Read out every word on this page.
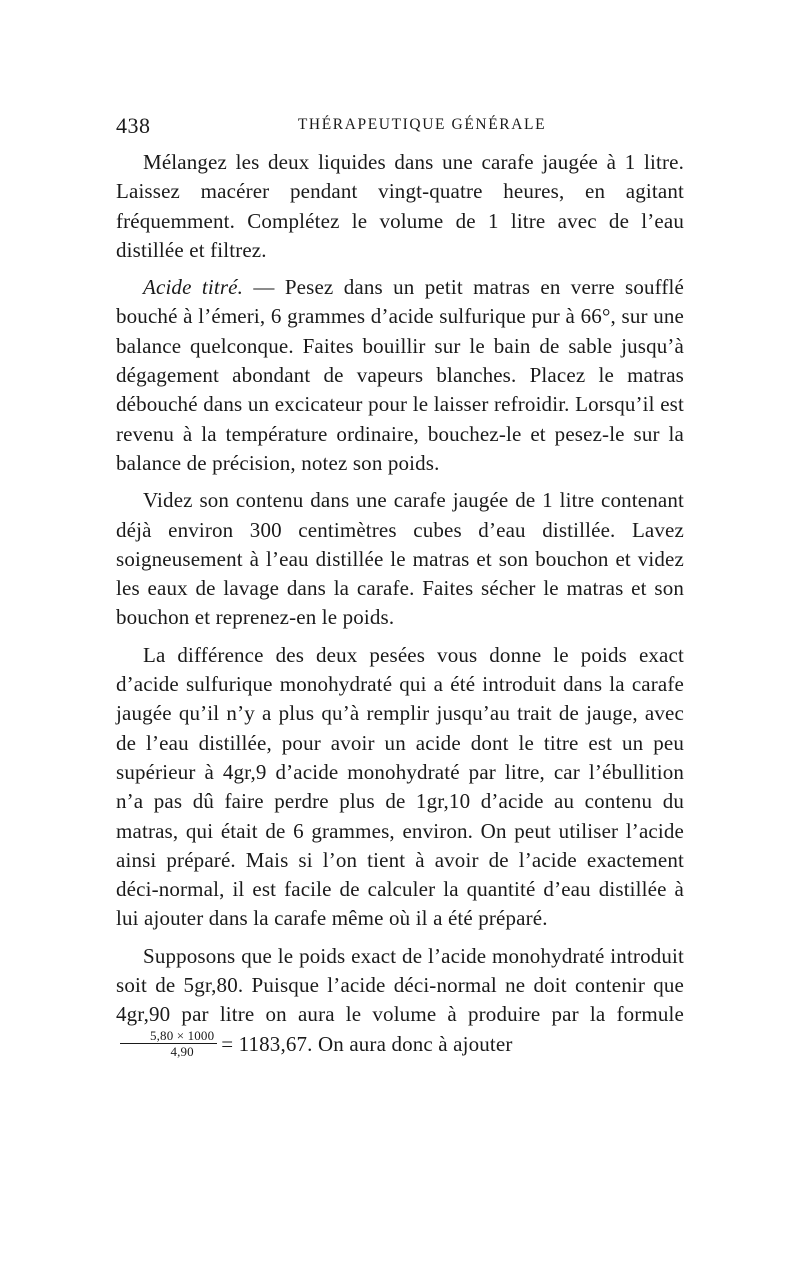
438	THÉRAPEUTIQUE GÉNÉRALE

Mélangez les deux liquides dans une carafe jaugée à 1 litre. Laissez macérer pendant vingt-quatre heures, en agitant fréquemment. Complétez le volume de 1 litre avec de l’eau distillée et filtrez.

Acide titré. — Pesez dans un petit matras en verre soufflé bouché à l’émeri, 6 grammes d’acide sulfurique pur à 66°, sur une balance quelconque. Faites bouillir sur le bain de sable jusqu’à dégagement abondant de vapeurs blanches. Placez le matras débouché dans un excicateur pour le laisser refroidir. Lorsqu’il est revenu à la température ordinaire, bouchez-le et pesez-le sur la balance de précision, notez son poids.

Videz son contenu dans une carafe jaugée de 1 litre contenant déjà environ 300 centimètres cubes d’eau distillée. Lavez soigneusement à l’eau distillée le matras et son bouchon et videz les eaux de lavage dans la carafe. Faites sécher le matras et son bouchon et reprenez-en le poids.

La différence des deux pesées vous donne le poids exact d’acide sulfurique monohydraté qui a été introduit dans la carafe jaugée qu’il n’y a plus qu’à remplir jusqu’au trait de jauge, avec de l’eau distillée, pour avoir un acide dont le titre est un peu supérieur à 4gr,9 d’acide monohydraté par litre, car l’ébullition n’a pas dû faire perdre plus de 1gr,10 d’acide au contenu du matras, qui était de 6 grammes, environ. On peut utiliser l’acide ainsi préparé. Mais si l’on tient à avoir de l’acide exactement déci-normal, il est facile de calculer la quantité d’eau distillée à lui ajouter dans la carafe même où il a été préparé.

Supposons que le poids exact de l’acide monohydraté introduit soit de 5gr,80. Puisque l’acide déci-normal ne doit contenir que 4gr,90 par litre on aura le volume à produire par la formule
$\frac{5,80 \times 1000}{4,90} = 1183,67$. On aura donc à ajouter
